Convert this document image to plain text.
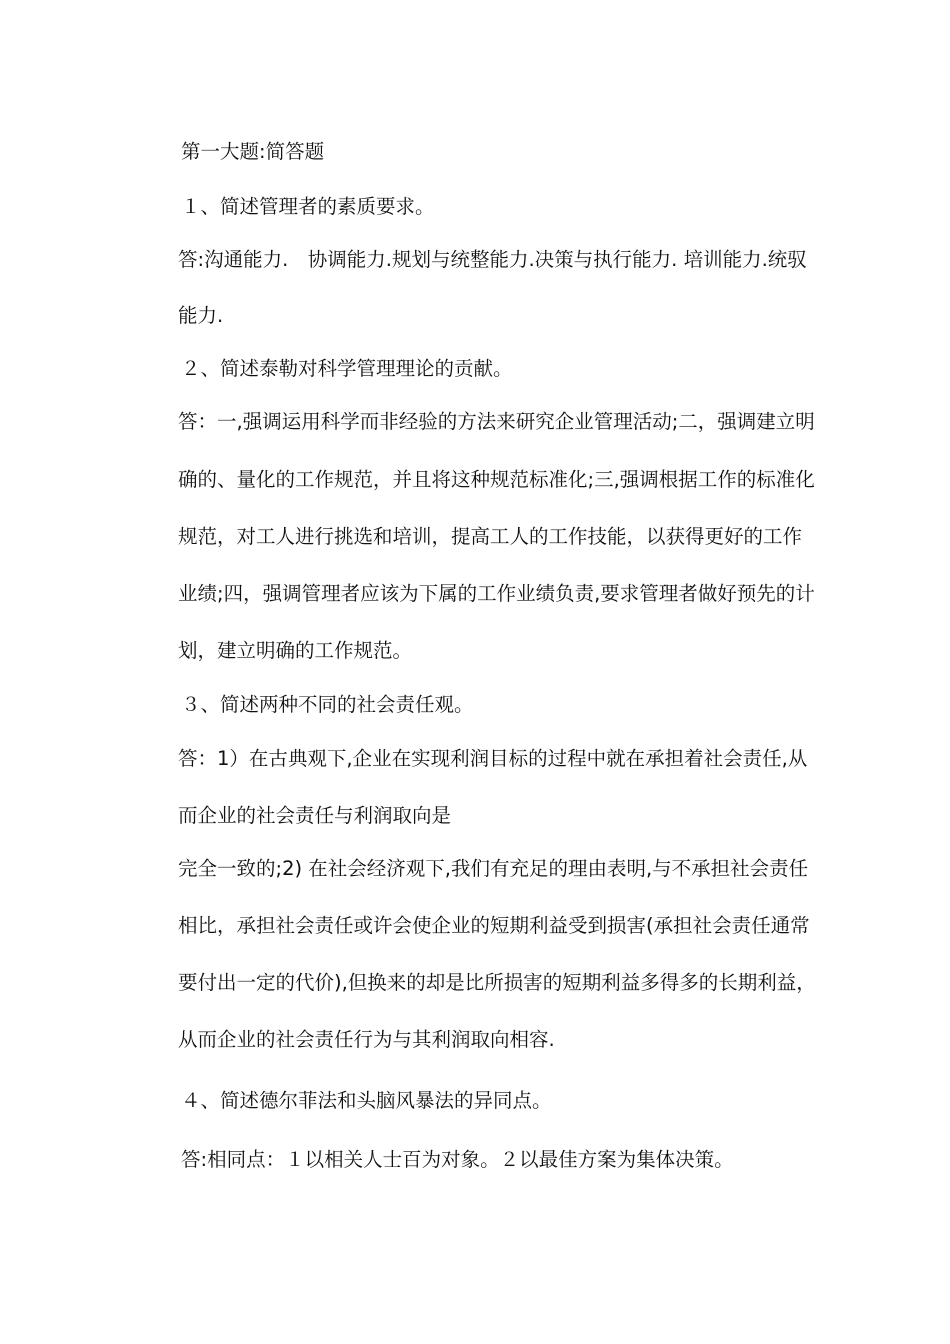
第一大题:简答题
１、简述管理者的素质要求。
答:沟通能力.　协调能力.规划与统整能力.决策与执行能力. 培训能力.统驭
能力.
２、简述泰勒对科学管理理论的贡献。
答：一,强调运用科学而非经验的方法来研究企业管理活动;二，强调建立明
确的、量化的工作规范，并且将这种规范标准化;三,强调根据工作的标准化
规范，对工人进行挑选和培训，提高工人的工作技能，以获得更好的工作
业绩;四，强调管理者应该为下属的工作业绩负责,要求管理者做好预先的计
划，建立明确的工作规范。
３、简述两种不同的社会责任观。
答：1）在古典观下,企业在实现利润目标的过程中就在承担着社会责任,从
而企业的社会责任与利润取向是
完全一致的;2) 在社会经济观下,我们有充足的理由表明,与不承担社会责任
相比，承担社会责任或许会使企业的短期利益受到损害(承担社会责任通常
要付出一定的代价),但换来的却是比所损害的短期利益多得多的长期利益，
从而企业的社会责任行为与其利润取向相容.
４、简述德尔菲法和头脑风暴法的异同点。
答:相同点：１以相关人士百为对象。２以最佳方案为集体决策。
